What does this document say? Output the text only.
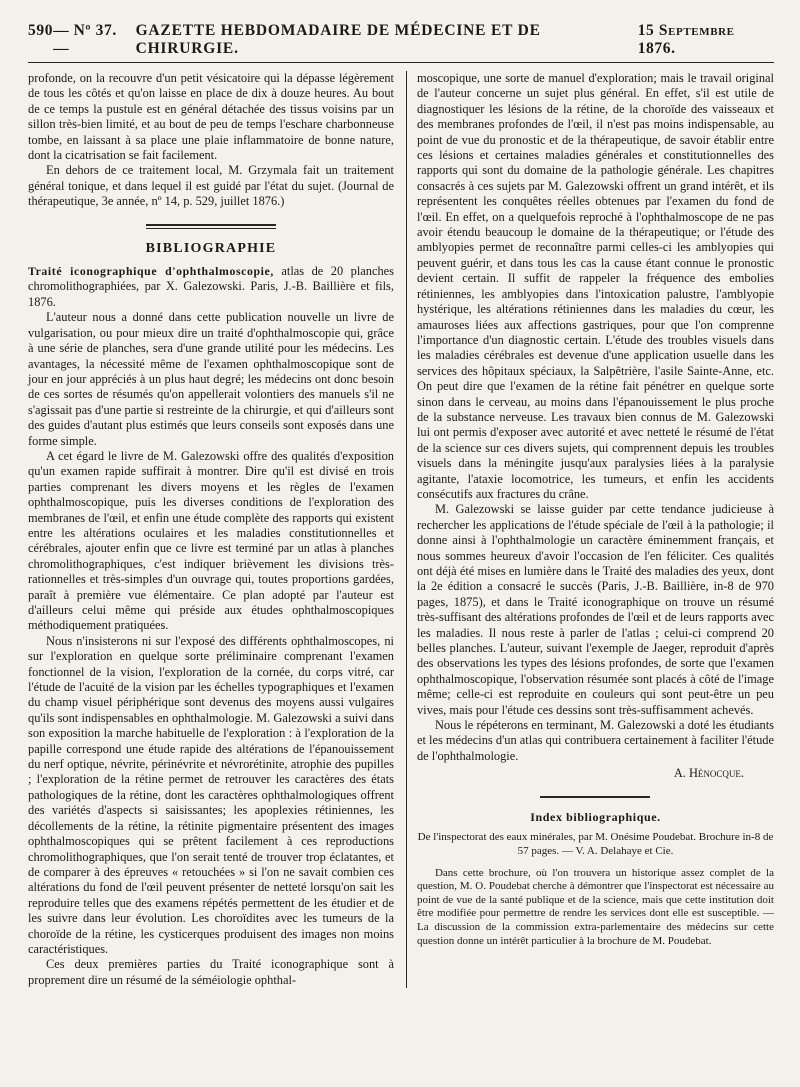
590 — Nº 37. —
GAZETTE HEBDOMADAIRE DE MÉDECINE ET DE CHIRURGIE.
15 Septembre 1876.

profonde, on la recouvre d'un petit vésicatoire qui la dépasse légèrement de tous les côtés et qu'on laisse en place de dix à douze heures. Au bout de ce temps la pustule est en général détachée des tissus voisins par un sillon très-bien limité, et au bout de peu de temps l'eschare charbonneuse tombe, en laissant à sa place une plaie inflammatoire de bonne nature, dont la cicatrisation se fait facilement.

En dehors de ce traitement local, M. Grzymala fait un traitement général tonique, et dans lequel il est guidé par l'état du sujet. (Journal de thérapeutique, 3e année, nº 14, p. 529, juillet 1876.)

BIBLIOGRAPHIE

Traité iconographique d'ophthalmoscopie, atlas de 20 planches chromolithographiées, par X. Galezowski. Paris, J.-B. Baillière et fils, 1876.

L'auteur nous a donné dans cette publication nouvelle un livre de vulgarisation, ou pour mieux dire un traité d'ophthalmoscopie qui, grâce à une série de planches, sera d'une grande utilité pour les médecins. Les avantages, la nécessité même de l'examen ophthalmoscopique sont de jour en jour appréciés à un plus haut degré; les médecins ont donc besoin de ces sortes de résumés qu'on appellerait volontiers des manuels s'il ne s'agissait pas d'une partie si restreinte de la chirurgie, et qui d'ailleurs sont des guides d'autant plus estimés que leurs conseils sont exposés dans une forme simple.

A cet égard le livre de M. Galezowski offre des qualités d'exposition qu'un examen rapide suffirait à montrer. Dire qu'il est divisé en trois parties comprenant les divers moyens et les règles de l'examen ophthalmoscopique, puis les diverses conditions de l'exploration des membranes de l'œil, et enfin une étude complète des rapports qui existent entre les altérations oculaires et les maladies constitutionnelles et cérébrales, ajouter enfin que ce livre est terminé par un atlas à planches chromolithographiques, c'est indiquer brièvement les divisions très-rationnelles et très-simples d'un ouvrage qui, toutes proportions gardées, paraît à première vue élémentaire. Ce plan adopté par l'auteur est d'ailleurs celui même qui préside aux études ophthalmoscopiques méthodiquement pratiquées.

Nous n'insisterons ni sur l'exposé des différents ophthalmoscopes, ni sur l'exploration en quelque sorte préliminaire comprenant l'examen fonctionnel de la vision, l'exploration de la cornée, du corps vitré, car l'étude de l'acuité de la vision par les échelles typographiques et l'examen du champ visuel périphérique sont devenus des moyens aussi vulgaires qu'ils sont indispensables en ophthalmologie. M. Galezowski a suivi dans son exposition la marche habituelle de l'exploration : à l'exploration de la papille correspond une étude rapide des altérations de l'épanouissement du nerf optique, névrite, périnévrite et névrorétinite, atrophie des pupilles ; l'exploration de la rétine permet de retrouver les caractères des états pathologiques de la rétine, dont les caractères ophthalmologiques offrent des variétés d'aspects si saisissantes; les apoplexies rétiniennes, les décollements de la rétine, la rétinite pigmentaire présentent des images ophthalmoscopiques qui se prêtent facilement à ces reproductions chromolithographiques, que l'on serait tenté de trouver trop éclatantes, et de comparer à des épreuves « retouchées » si l'on ne savait combien ces altérations du fond de l'œil peuvent présenter de netteté lorsqu'on sait les reproduire telles que des examens répétés permettent de les étudier et de les suivre dans leur évolution. Les choroïdites avec les tumeurs de la choroïde de la rétine, les cysticerques produisent des images non moins caractéristiques.

Ces deux premières parties du Traité iconographique sont à proprement dire un résumé de la séméiologie ophthal-

moscopique, une sorte de manuel d'exploration; mais le travail original de l'auteur concerne un sujet plus général. En effet, s'il est utile de diagnostiquer les lésions de la rétine, de la choroïde des vaisseaux et des membranes profondes de l'œil, il n'est pas moins indispensable, au point de vue du pronostic et de la thérapeutique, de savoir établir entre ces lésions et certaines maladies générales et constitutionnelles des rapports qui sont du domaine de la pathologie générale. Les chapitres consacrés à ces sujets par M. Galezowski offrent un grand intérêt, et ils représentent les conquêtes réelles obtenues par l'examen du fond de l'œil. En effet, on a quelquefois reproché à l'ophthalmoscope de ne pas avoir étendu beaucoup le domaine de la thérapeutique; or l'étude des amblyopies permet de reconnaître parmi celles-ci les amblyopies qui peuvent guérir, et dans tous les cas la cause étant connue le pronostic devient certain. Il suffit de rappeler la fréquence des embolies rétiniennes, les amblyopies dans l'intoxication palustre, l'amblyopie hystérique, les altérations rétiniennes dans les maladies du cœur, les amauroses liées aux affections gastriques, pour que l'on comprenne l'importance d'un diagnostic certain. L'étude des troubles visuels dans les maladies cérébrales est devenue d'une application usuelle dans les services des hôpitaux spéciaux, la Salpêtrière, l'asile Sainte-Anne, etc. On peut dire que l'examen de la rétine fait pénétrer en quelque sorte sinon dans le cerveau, au moins dans l'épanouissement le plus proche de la substance nerveuse. Les travaux bien connus de M. Galezowski lui ont permis d'exposer avec autorité et avec netteté le résumé de l'état de la science sur ces divers sujets, qui comprennent depuis les troubles visuels dans la méningite jusqu'aux paralysies liées à la paralysie agitante, l'ataxie locomotrice, les tumeurs, et enfin les accidents consécutifs aux fractures du crâne.

M. Galezowski se laisse guider par cette tendance judicieuse à rechercher les applications de l'étude spéciale de l'œil à la pathologie; il donne ainsi à l'ophthalmologie un caractère éminemment français, et nous sommes heureux d'avoir l'occasion de l'en féliciter. Ces qualités ont déjà été mises en lumière dans le Traité des maladies des yeux, dont la 2e édition a consacré le succès (Paris, J.-B. Baillière, in-8 de 970 pages, 1875), et dans le Traité iconographique on trouve un résumé très-suffisant des altérations profondes de l'œil et de leurs rapports avec les maladies. Il nous reste à parler de l'atlas ; celui-ci comprend 20 belles planches. L'auteur, suivant l'exemple de Jaeger, reproduit d'après des observations les types des lésions profondes, de sorte que l'examen ophthalmoscopique, l'observation résumée sont placés à côté de l'image même; celle-ci est reproduite en couleurs qui sont peut-être un peu vives, mais pour l'étude ces dessins sont très-suffisamment achevés.

Nous le répéterons en terminant, M. Galezowski a doté les étudiants et les médecins d'un atlas qui contribuera certainement à faciliter l'étude de l'ophthalmologie.

A. Hénocque.
Index bibliographique.
De l'inspectorat des eaux minérales, par M. Onésime Poudebat. Brochure in-8 de 57 pages. — V. A. Delahaye et Cie.

Dans cette brochure, où l'on trouvera un historique assez complet de la question, M. O. Poudebat cherche à démontrer que l'inspectorat est nécessaire au point de vue de la santé publique et de la science, mais que cette institution doit être modifiée pour permettre de rendre les services dont elle est susceptible. — La discussion de la commission extra-parlementaire des médecins sur cette question donne un intérêt particulier à la brochure de M. Poudebat.
